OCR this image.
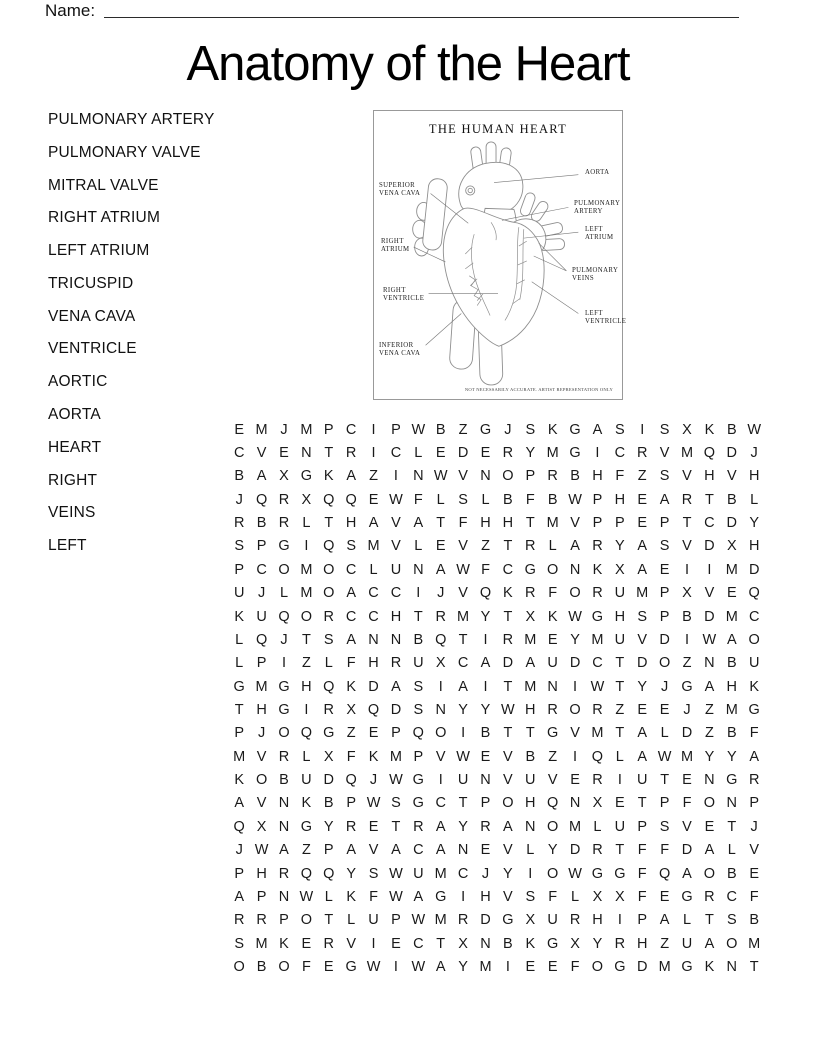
Name:
Anatomy of the Heart
PULMONARY ARTERY
PULMONARY VALVE
MITRAL VALVE
RIGHT ATRIUM
LEFT ATRIUM
TRICUSPID
VENA CAVA
VENTRICLE
AORTIC
AORTA
HEART
RIGHT
VEINS
LEFT
THE HUMAN HEART
SUPERIOR
VENA CAVA
RIGHT
ATRIUM
RIGHT
VENTRICLE
INFERIOR
VENA CAVA
AORTA
PULMONARY
ARTERY
LEFT
ATRIUM
PULMONARY
VEINS
LEFT
VENTRICLE
NOT NECESSARILY ACCURATE. ARTIST REPRESENTATION ONLY
E M J M P C	I	P W B Z G J S K G A S	I	S X K B W
C V E N T R	I	C L E D E R Y M G	I	C R V M Q D J
B A X G K A Z	I	N W V N O P R B H F Z S V H V H
J Q R X Q Q E W F L S L B F B W P H E A R T B L
R B R L T H A V A T F H H T M V P P E P T C D Y
S P G	I	Q S M V L E V Z T R L A R Y A S V D X H
P C O M O C L U N A W F C G O N K X A E	I	I M D
U J	L M O A C C	I	J V Q K R F O R U M P X V E Q
K U Q O R C C H T R M Y T X K W G H S P B D M C
L Q J T S A N N B Q T	I	R M E Y M U V D	I W A O
L P	I	Z L F H R U X C A D A U D C T D O Z N B U
G M G H Q K D A S	I	A	I	T M N	I W T Y J G A H K
T H G	I	R X Q D S N Y Y W H R O R Z E E J Z M G
P J O Q G Z E P Q O	I	B T T G V M T A L D Z B F
M V R L X F K M P V W E V B Z	I	Q L A W M Y Y A
K O B U D Q J W G	I	U N V U V E R	I	U T E N G R
A V N K B P W S G C T P O H Q N X E T P F O N P
Q X N G Y R E T R A Y R A N O M L U P S V E T J
J W A Z P A V A C A N E V L Y D R T F F D A L V
P H R Q Q Y S W U M C J Y	I	O W G G F Q A O B E
A P N W L K F W A G	I	H V S F L X X F E G R C F
R R P O T L U P W M R D G X U R H	I	P A L T S B
S M K E R V	I	E C T X N B K G X Y R H Z U A O M
O B O F E G W I W A Y M I	E E F O G D M G K N T
